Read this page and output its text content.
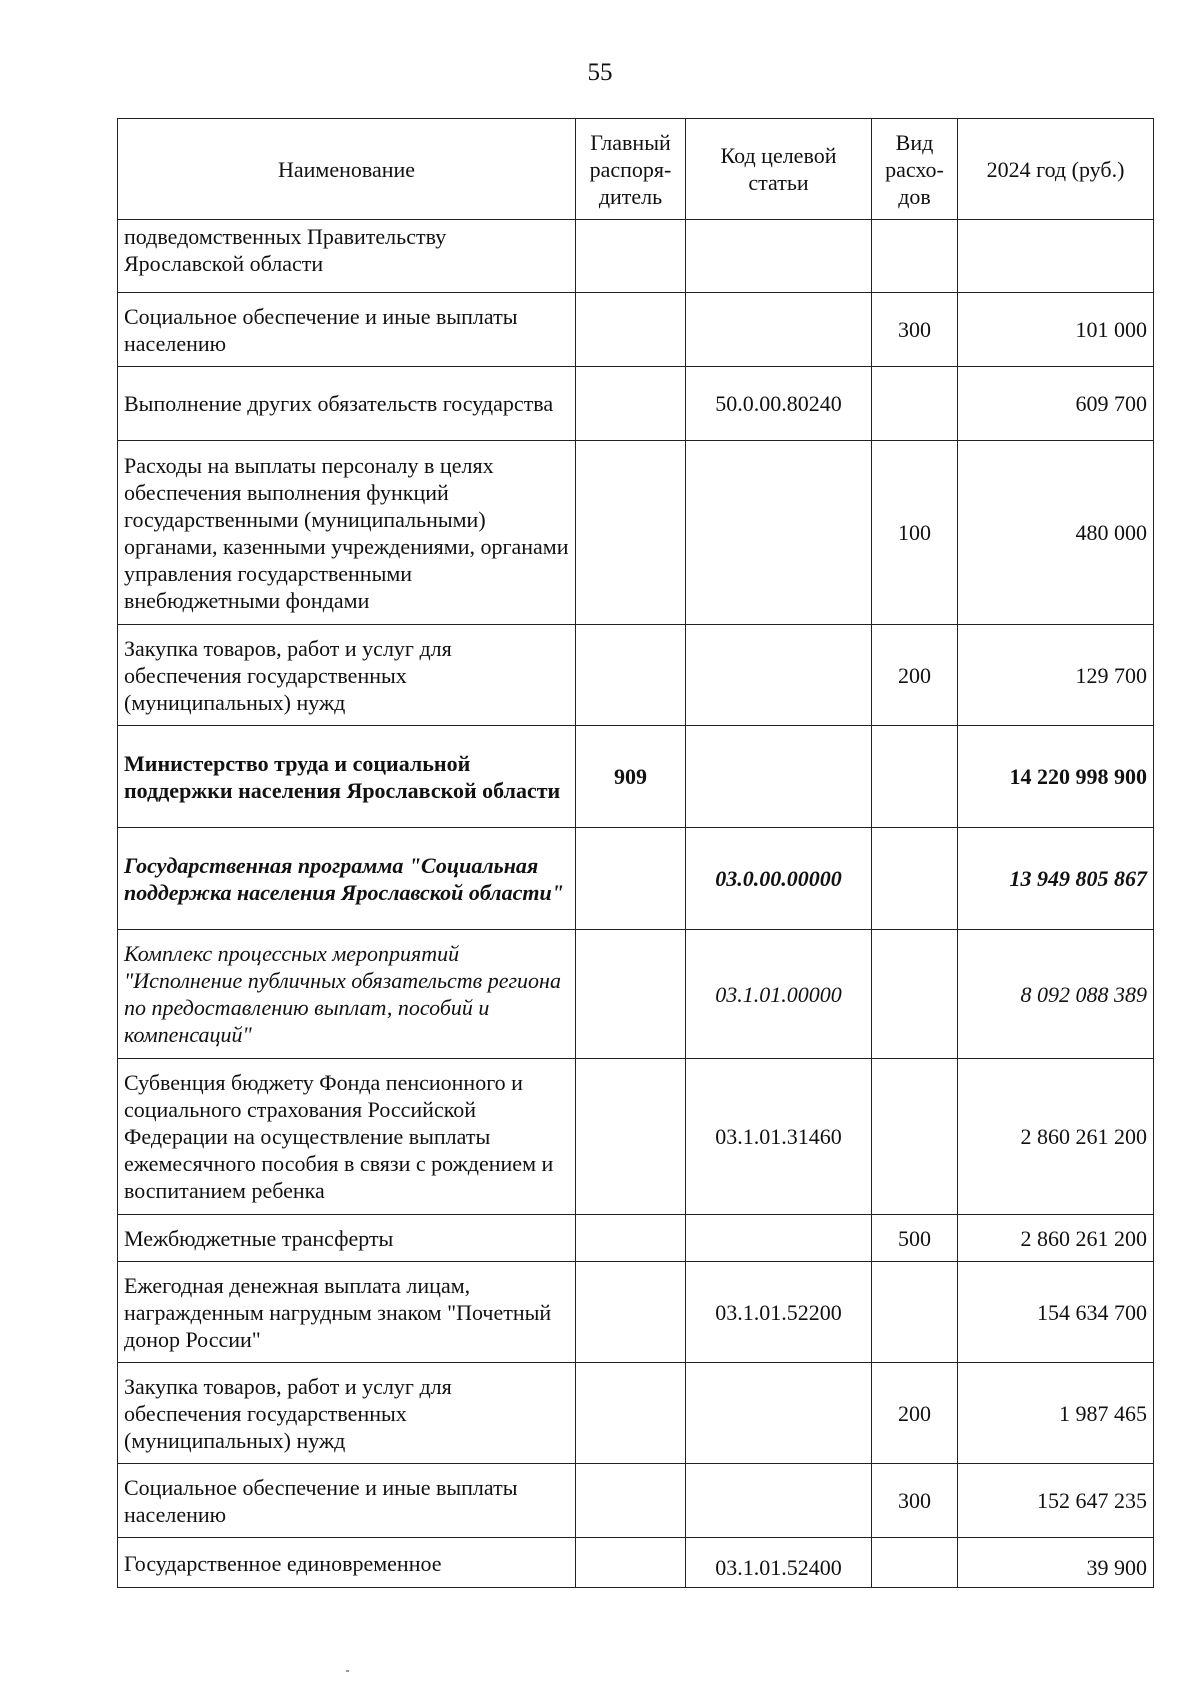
55
Наименование	Главный распоря-дитель	Код целевой статьи	Вид расхо-дов	2024 год (руб.)
подведомственных Правительству Ярославской области				
Социальное обеспечение и иные выплаты населению			300	101 000
Выполнение других обязательств государства		50.0.00.80240		609 700
Расходы на выплаты персоналу в целях обеспечения выполнения функций государственными (муниципальными) органами, казенными учреждениями, органами управления государственными внебюджетными фондами			100	480 000
Закупка товаров, работ и услуг для обеспечения государственных (муниципальных) нужд			200	129 700
Министерство труда и социальной поддержки населения Ярославской области	909			14 220 998 900
Государственная программа "Социальная поддержка населения Ярославской области"		03.0.00.00000		13 949 805 867
Комплекс процессных мероприятий "Исполнение публичных обязательств региона по предоставлению выплат, пособий и компенсаций"		03.1.01.00000		8 092 088 389
Субвенция бюджету Фонда пенсионного и социального страхования Российской Федерации на осуществление выплаты ежемесячного пособия в связи с рождением и воспитанием ребенка		03.1.01.31460		2 860 261 200
Межбюджетные трансферты			500	2 860 261 200
Ежегодная денежная выплата лицам, награжденным нагрудным знаком "Почетный донор России"		03.1.01.52200		154 634 700
Закупка товаров, работ и услуг для обеспечения государственных (муниципальных) нужд			200	1 987 465
Социальное обеспечение и иные выплаты населению			300	152 647 235
Государственное единовременное		03.1.01.52400		39 900
